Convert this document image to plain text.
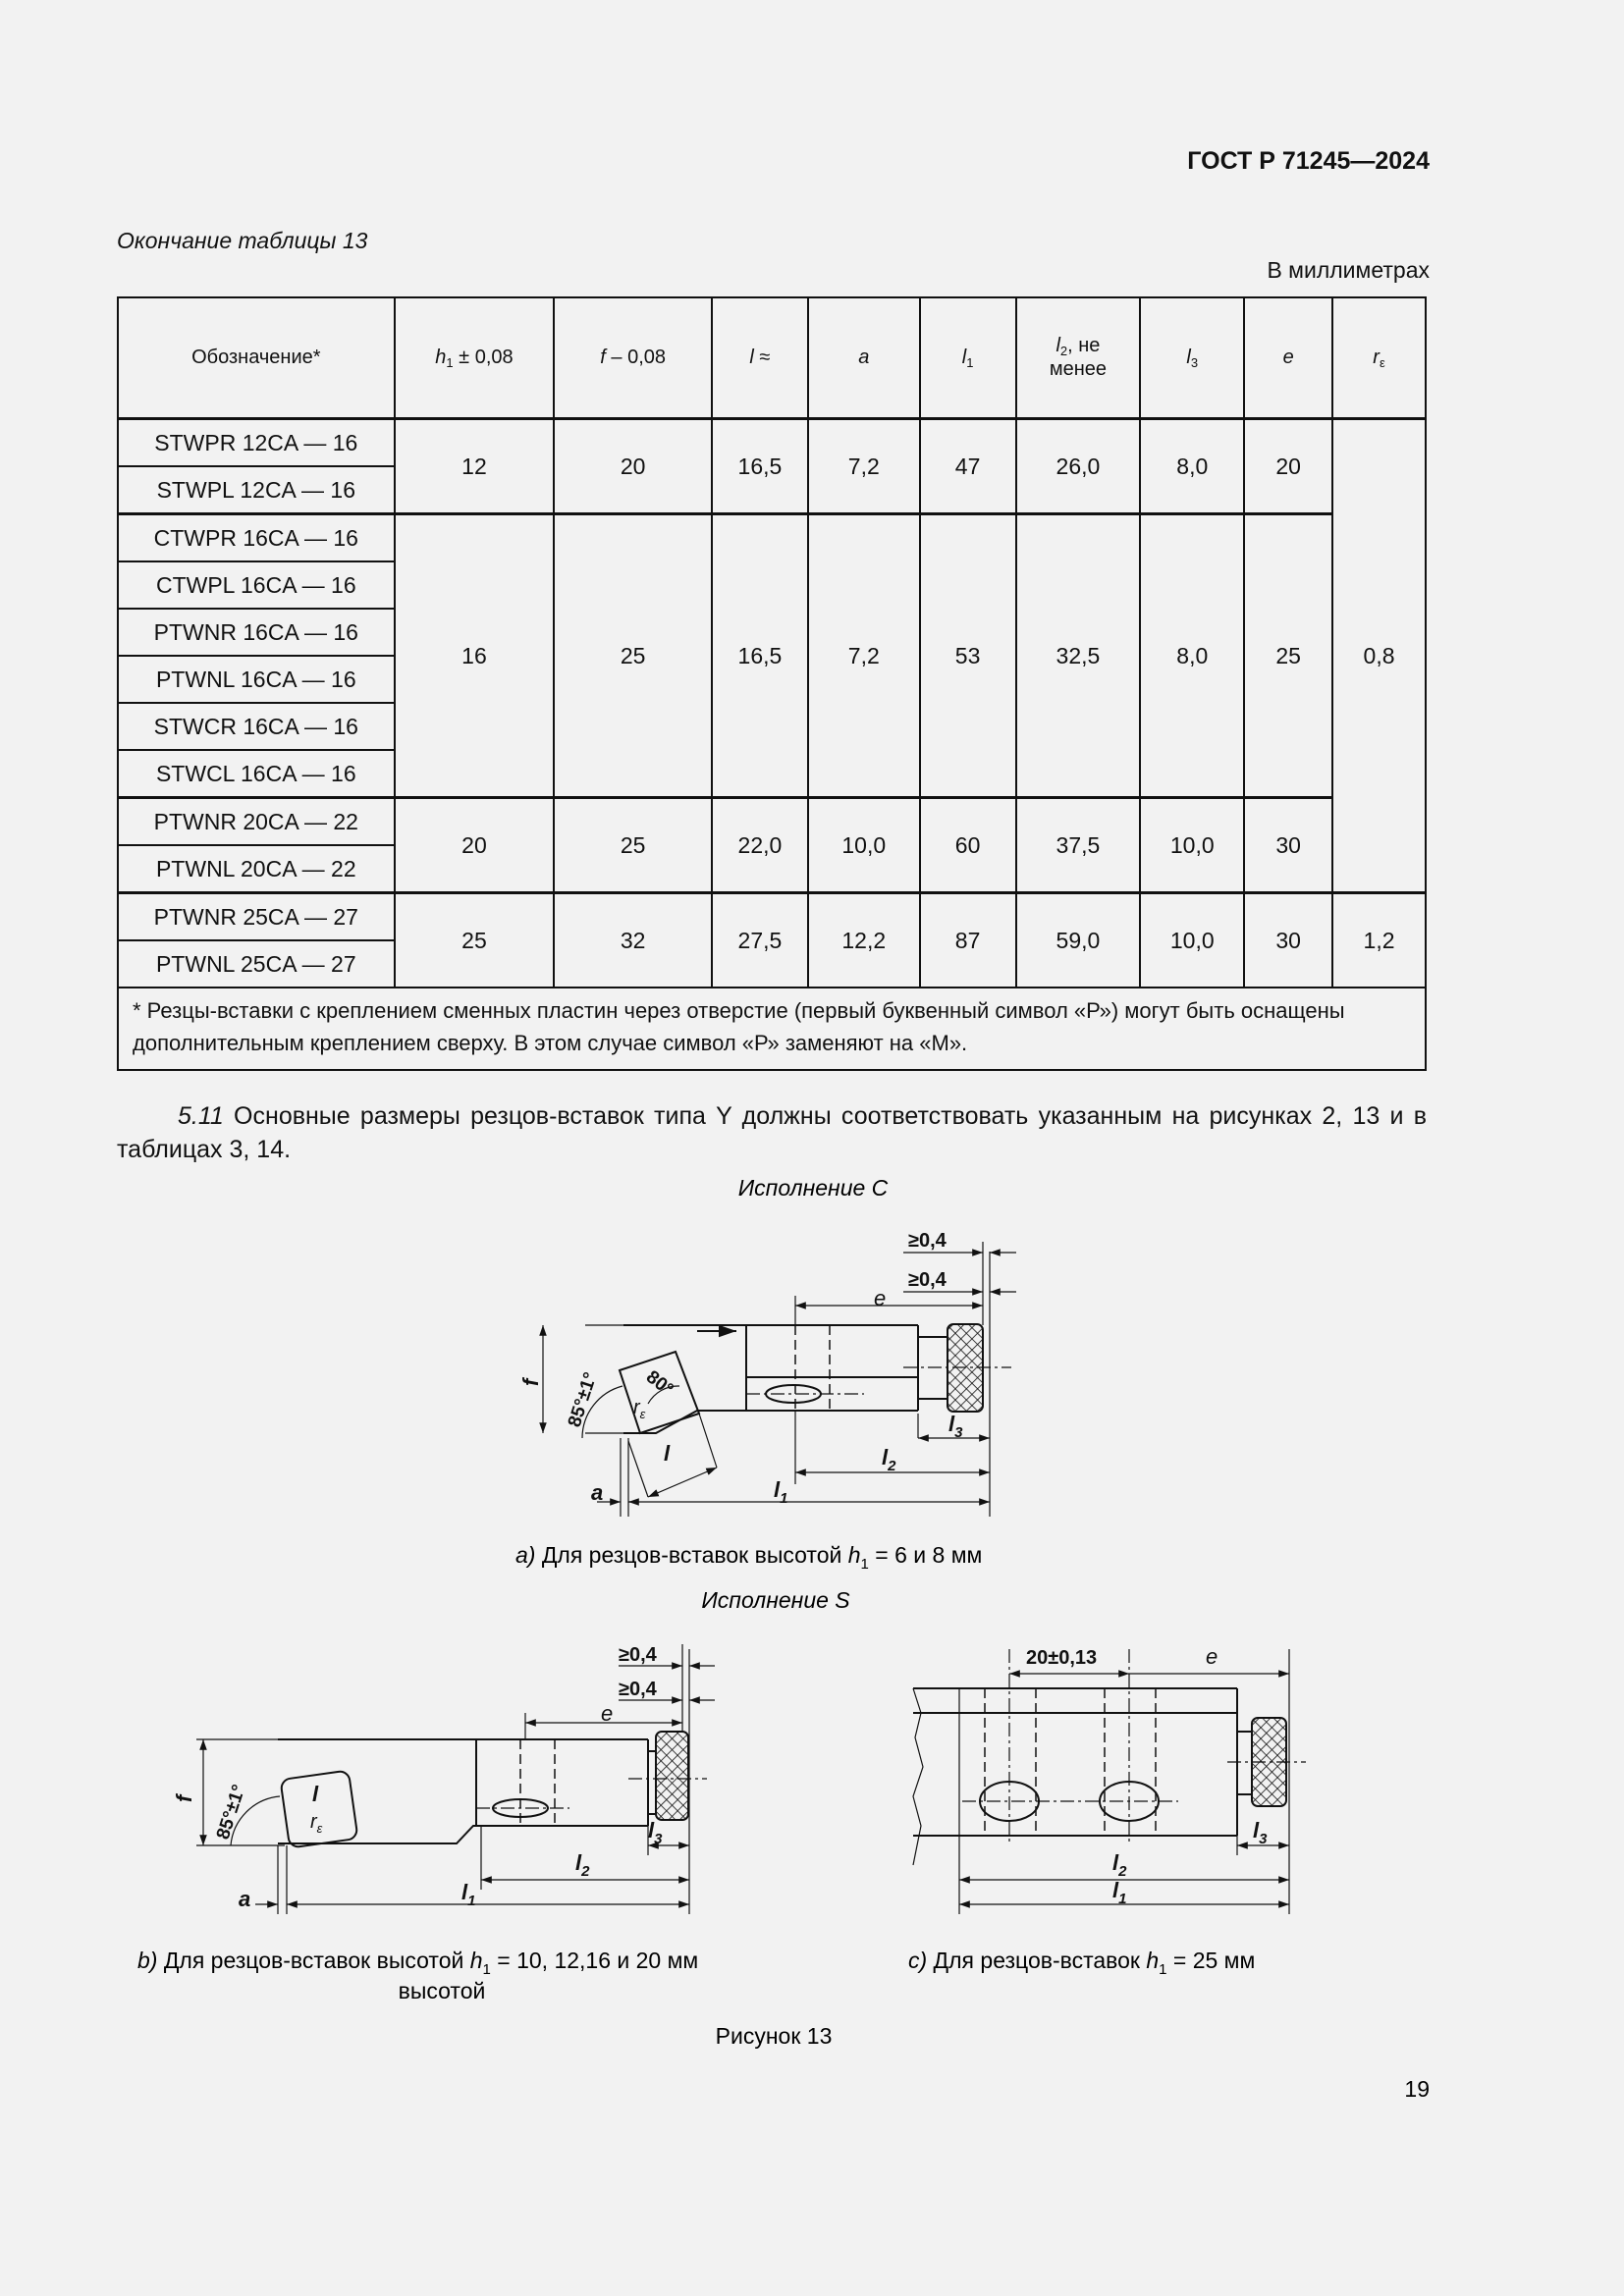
ГОСТ Р 71245—2024
Окончание таблицы 13
В миллиметрах
Обозначение*	$h_1 \pm 0,08$	f – 0,08	l ≈	a	$l_1$	$l_2$, не
менее	$l_3$	e	$r_\varepsilon$
STWPR 12CA — 16	12	20	16,5	7,2	47	26,0	8,0	20	0,8
STWPL 12CA — 16									
CTWPR 16CA — 16	16	25	16,5	7,2	53	32,5	8,0	25	
CTWPL 16CA — 16									
PTWNR 16CA — 16									
PTWNL 16CA — 16									
STWCR 16CA — 16									
STWCL 16CA — 16									
PTWNR 20CA — 22	20	25	22,0	10,0	60	37,5	10,0	30	
PTWNL 20CA — 22									
PTWNR 25CA — 27	25	32	27,5	12,2	87	59,0	10,0	30	1,2
PTWNL 25CA — 27									
* Резцы-вставки с креплением сменных пластин через отверстие (первый буквенный символ «Р») могут быть оснащены дополнительным креплением сверху. В этом случае символ «Р» заменяют на «М».									
5.11 Основные размеры резцов-вставок типа Y должны соответствовать указанным на рисунках 2, 13 и в таблицах 3, 14.
Исполнение С
≥0,4
≥0,4
e
f 85°±1° 80°
$r_\varepsilon$
l
a	$l_1$
$l_2$
$l_3$
а) Для резцов-вставок высотой $h_1 = 6$ и 8 мм
Исполнение S
≥0,4
≥0,4
e
f 85°±1°	l
$r_\varepsilon$
a	$l_1$
$l_2$
$l_3$
20±0,13	e
$l_3$
$l_2$
$l_1$
b) Для резцов-вставок высотой $h_1 = 10$, 12,16 и 20 мм
высотой
c) Для резцов-вставок $h_1 = 25$ мм
Рисунок 13
19
